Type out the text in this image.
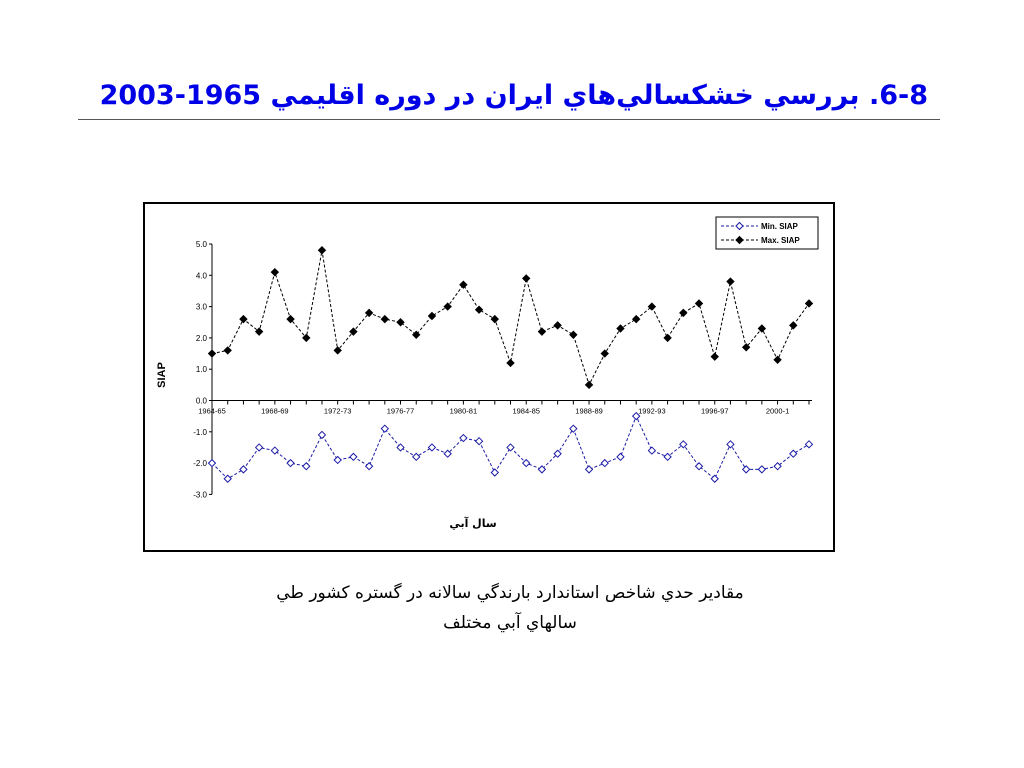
6-8. بررسي خشکسالي‌هاي ايران در دوره اقليمي 1965-2003
5.0
4.0
3.0
2.0
1.0
0.0
-1.0
-2.0
-3.0
1964-65	1968-69	1972-73	1976-77	1980-81	1984-85	1988-89	1992-93	1996-97	2000-1
SIAP
سال آبي
Min. SIAP
Max. SIAP
مقادير حدي شاخص استاندارد بارندگي سالانه در گستره کشور طي
سالهاي آبي مختلف
